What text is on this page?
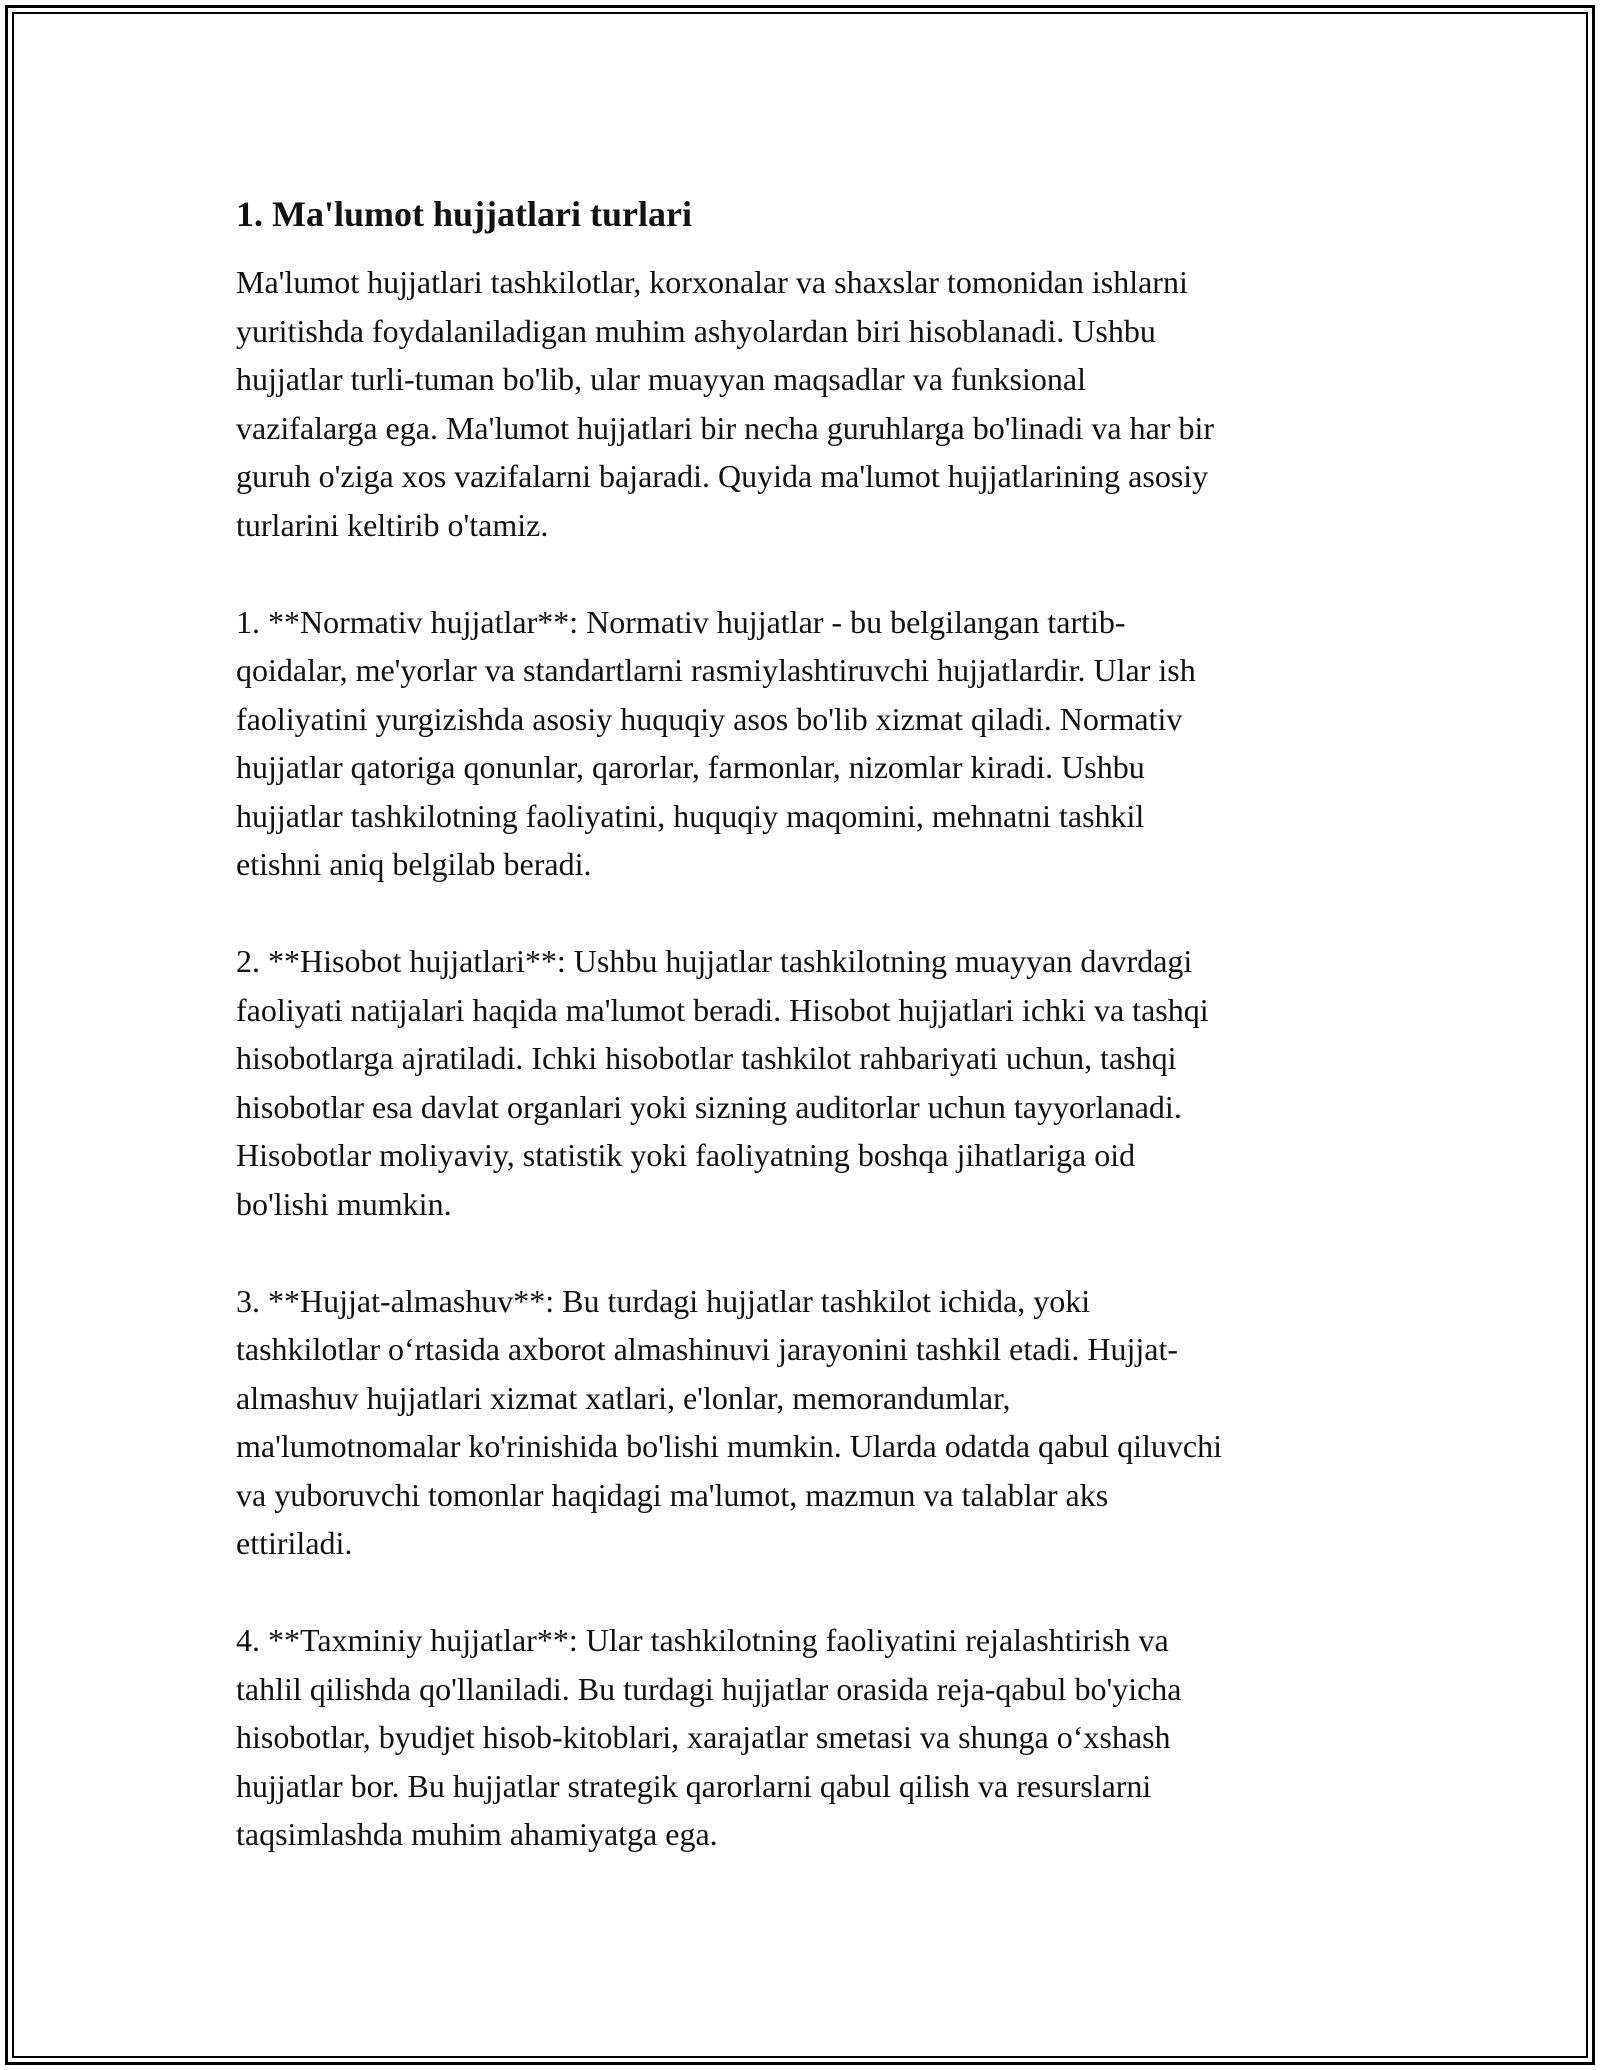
1. Ma'lumot hujjatlari turlari

Ma'lumot hujjatlari tashkilotlar, korxonalar va shaxslar tomonidan ishlarni
yuritishda foydalaniladigan muhim ashyolardan biri hisoblanadi. Ushbu
hujjatlar turli-tuman bo'lib, ular muayyan maqsadlar va funksional
vazifalarga ega. Ma'lumot hujjatlari bir necha guruhlarga bo'linadi va har bir
guruh o'ziga xos vazifalarni bajaradi. Quyida ma'lumot hujjatlarining asosiy
turlarini keltirib o'tamiz.

1. **Normativ hujjatlar**: Normativ hujjatlar - bu belgilangan tartib-
qoidalar, me'yorlar va standartlarni rasmiylashtiruvchi hujjatlardir. Ular ish
faoliyatini yurgizishda asosiy huquqiy asos bo'lib xizmat qiladi. Normativ
hujjatlar qatoriga qonunlar, qarorlar, farmonlar, nizomlar kiradi. Ushbu
hujjatlar tashkilotning faoliyatini, huquqiy maqomini, mehnatni tashkil
etishni aniq belgilab beradi.

2. **Hisobot hujjatlari**: Ushbu hujjatlar tashkilotning muayyan davrdagi
faoliyati natijalari haqida ma'lumot beradi. Hisobot hujjatlari ichki va tashqi
hisobotlarga ajratiladi. Ichki hisobotlar tashkilot rahbariyati uchun, tashqi
hisobotlar esa davlat organlari yoki sizning auditorlar uchun tayyorlanadi.
Hisobotlar moliyaviy, statistik yoki faoliyatning boshqa jihatlariga oid
bo'lishi mumkin.

3. **Hujjat-almashuv**: Bu turdagi hujjatlar tashkilot ichida, yoki
tashkilotlar o‘rtasida axborot almashinuvi jarayonini tashkil etadi. Hujjat-
almashuv hujjatlari xizmat xatlari, e'lonlar, memorandumlar,
ma'lumotnomalar ko'rinishida bo'lishi mumkin. Ularda odatda qabul qiluvchi
va yuboruvchi tomonlar haqidagi ma'lumot, mazmun va talablar aks
ettiriladi.

4. **Taxminiy hujjatlar**: Ular tashkilotning faoliyatini rejalashtirish va
tahlil qilishda qo'llaniladi. Bu turdagi hujjatlar orasida reja-qabul bo'yicha
hisobotlar, byudjet hisob-kitoblari, xarajatlar smetasi va shunga o‘xshash
hujjatlar bor. Bu hujjatlar strategik qarorlarni qabul qilish va resurslarni
taqsimlashda muhim ahamiyatga ega.
